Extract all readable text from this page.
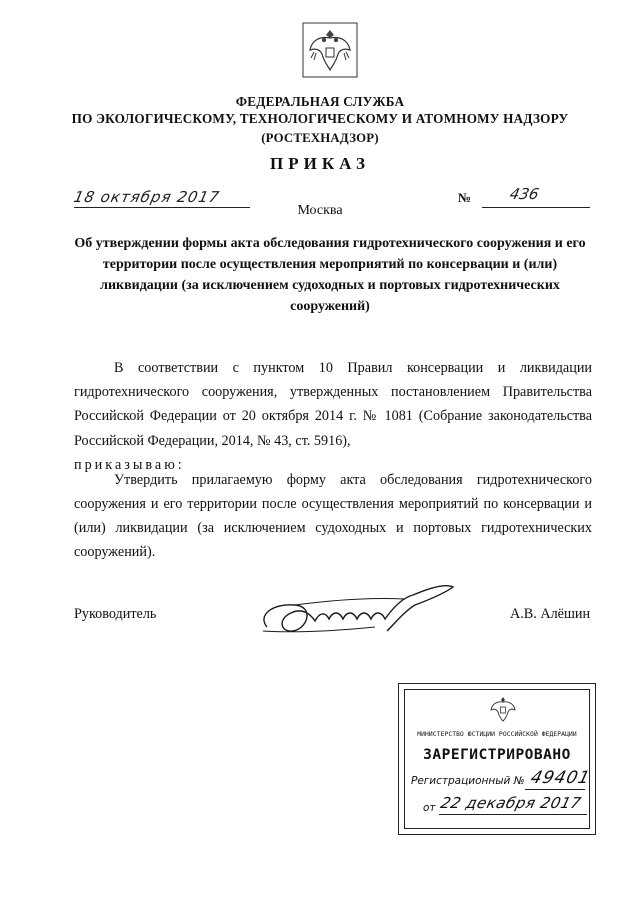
ФЕДЕРАЛЬНАЯ СЛУЖБА
ПО ЭКОЛОГИЧЕСКОМУ, ТЕХНОЛОГИЧЕСКОМУ И АТОМНОМУ НАДЗОРУ
(РОСТЕХНАДЗОР)
ПРИКАЗ
18 октября 2017	№ 436
Москва
Об утверждении формы акта обследования гидротехнического сооружения и его территории после осуществления мероприятий по консервации и (или) ликвидации (за исключением судоходных и портовых гидротехнических сооружений)
В соответствии с пунктом 10 Правил консервации и ликвидации гидротехнического сооружения, утвержденных постановлением Правительства Российской Федерации от 20 октября 2014 г. № 1081 (Собрание законодательства Российской Федерации, 2014, № 43, ст. 5916),
приказываю:
Утвердить прилагаемую форму акта обследования гидротехнического сооружения и его территории после осуществления мероприятий по консервации и (или) ликвидации (за исключением судоходных и портовых гидротехнических сооружений).
Руководитель	А.В. Алёшин
МИНИСТЕРСТВО ЮСТИЦИИ РОССИЙСКОЙ ФЕДЕРАЦИИ
ЗАРЕГИСТРИРОВАНО
Регистрационный № 49401
от 22 декабря 2017
